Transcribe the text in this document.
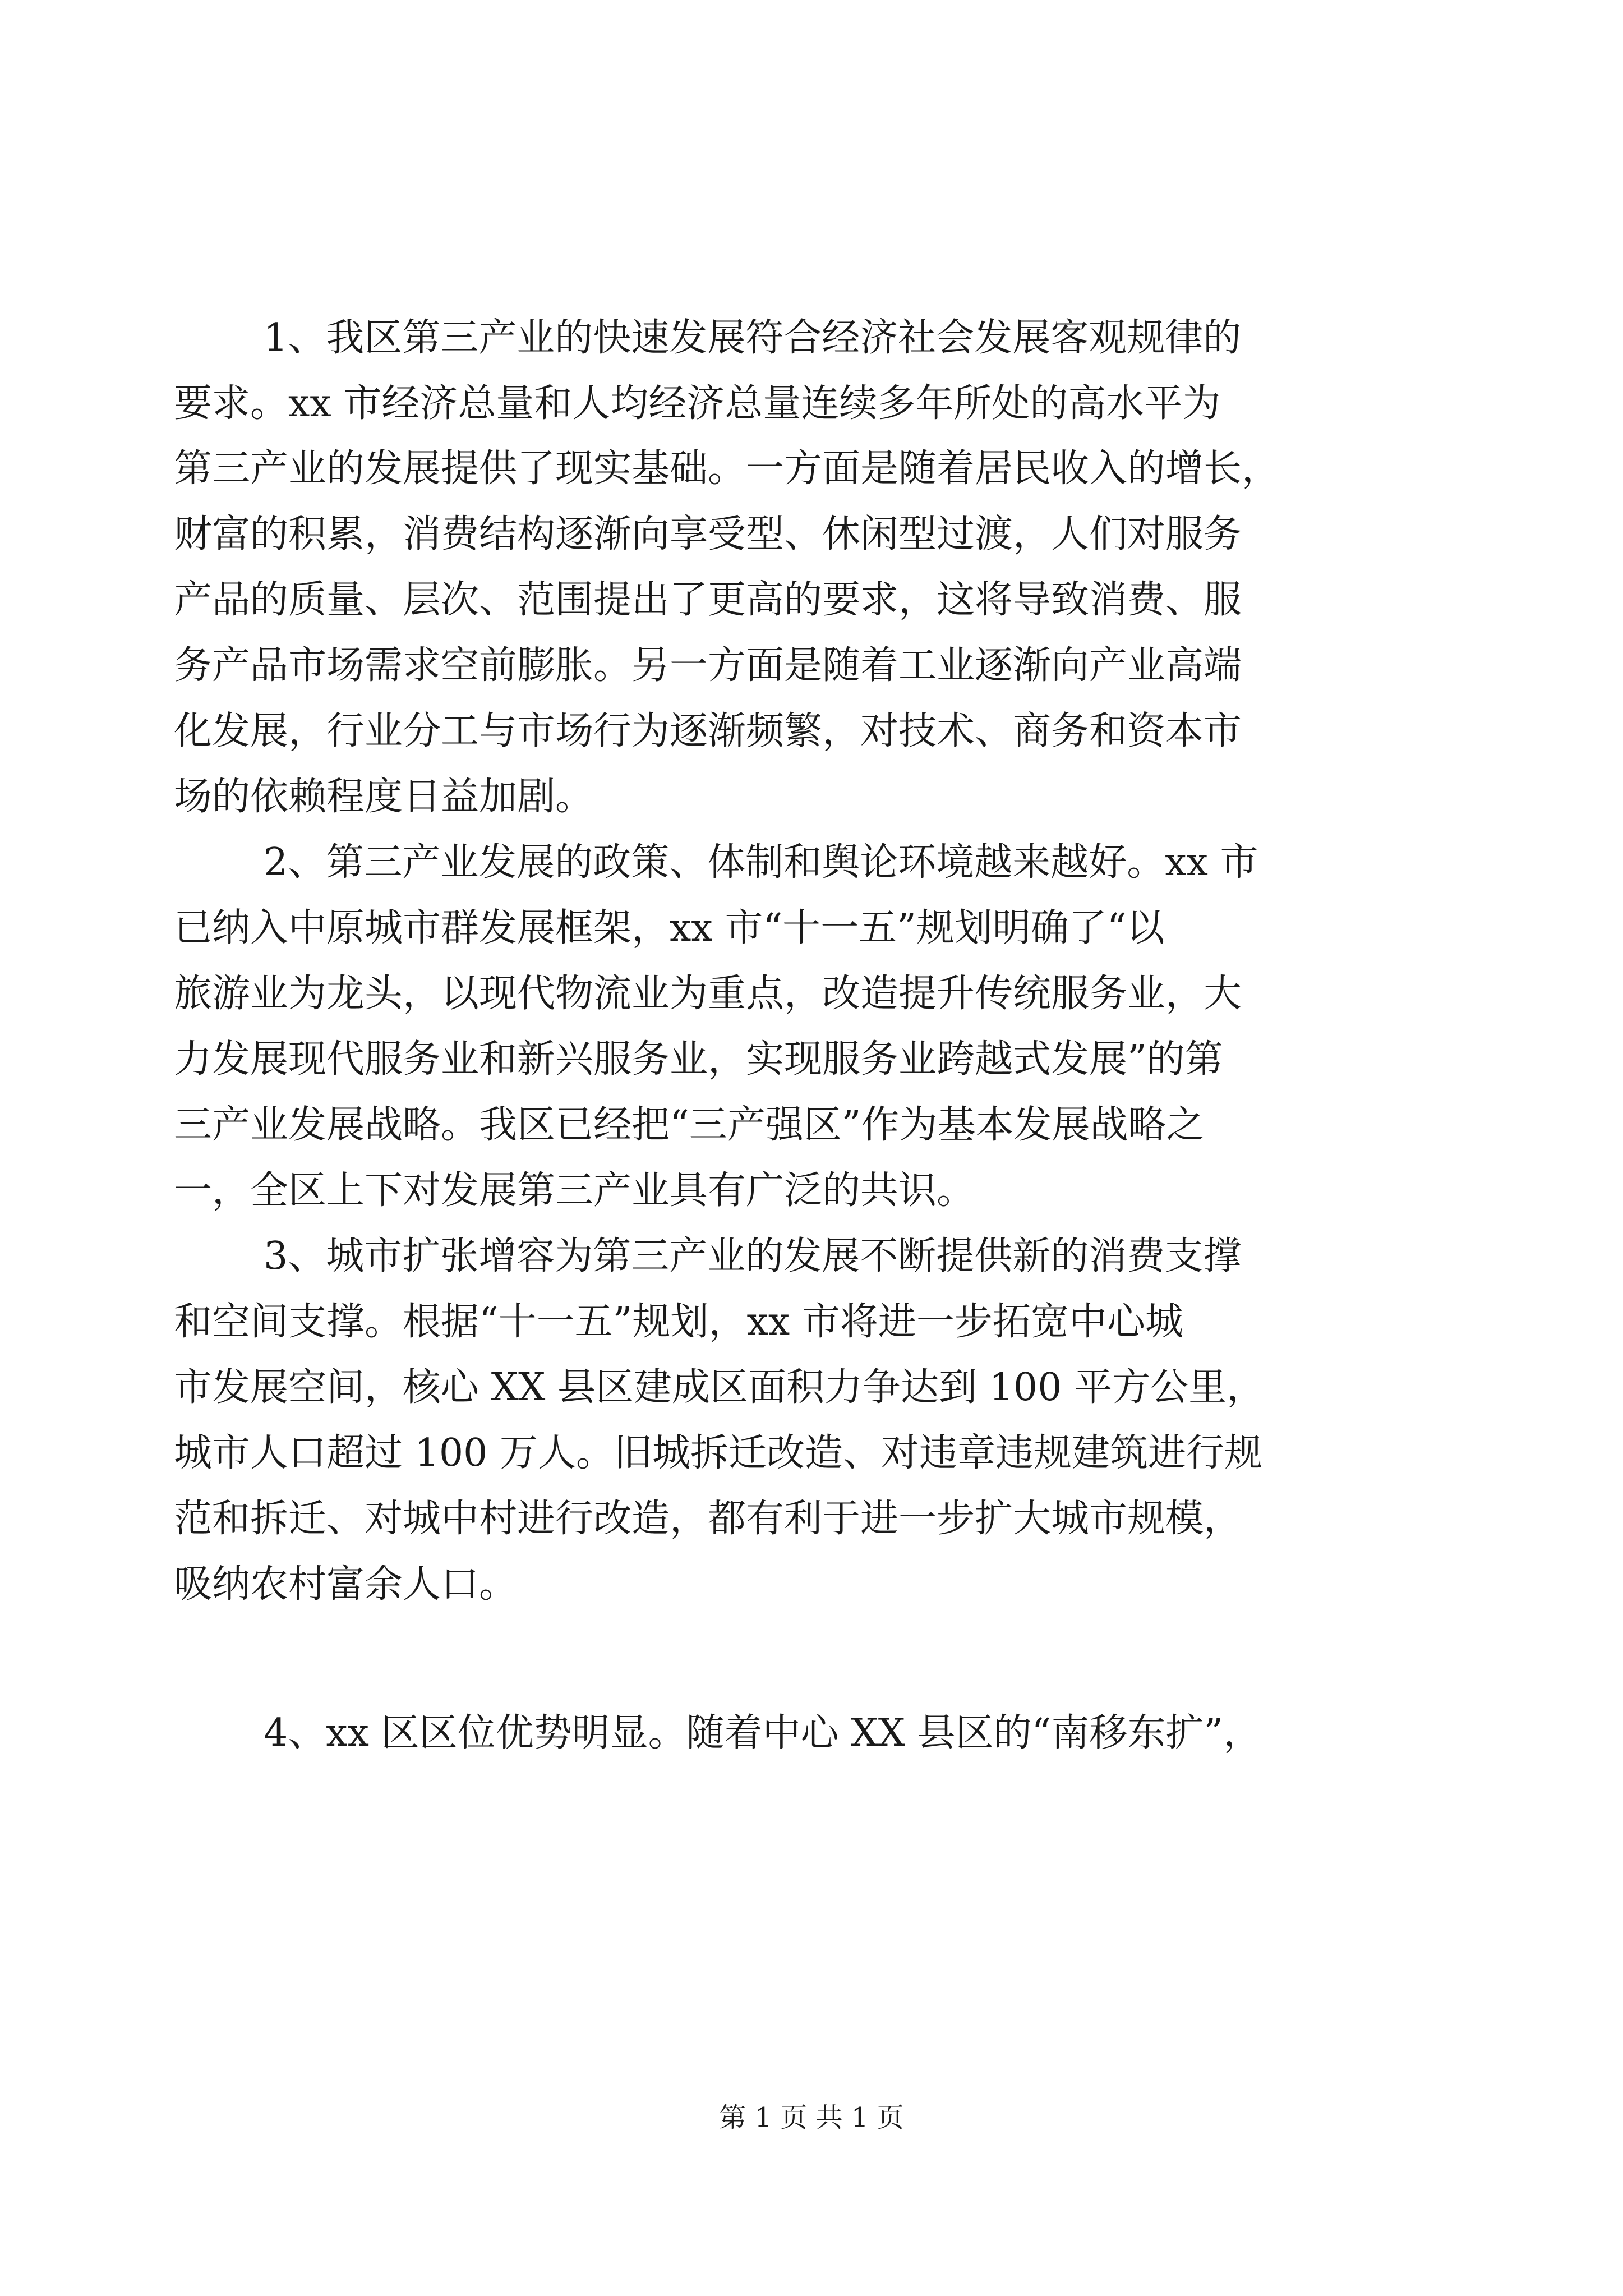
1、我区第三产业的快速发展符合经济社会发展客观规律的
要求。xx 市经济总量和人均经济总量连续多年所处的高水平为
第三产业的发展提供了现实基础。一方面是随着居民收入的增长，
财富的积累，消费结构逐渐向享受型、休闲型过渡，人们对服务
产品的质量、层次、范围提出了更高的要求，这将导致消费、服
务产品市场需求空前膨胀。另一方面是随着工业逐渐向产业高端
化发展，行业分工与市场行为逐渐频繁，对技术、商务和资本市
场的依赖程度日益加剧。
2、第三产业发展的政策、体制和舆论环境越来越好。xx 市
已纳入中原城市群发展框架，xx 市“十一五”规划明确了“以
旅游业为龙头，以现代物流业为重点，改造提升传统服务业，大
力发展现代服务业和新兴服务业，实现服务业跨越式发展”的第
三产业发展战略。我区已经把“三产强区”作为基本发展战略之
一，全区上下对发展第三产业具有广泛的共识。
3、城市扩张增容为第三产业的发展不断提供新的消费支撑
和空间支撑。根据“十一五”规划，xx 市将进一步拓宽中心城
市发展空间，核心 XX 县区建成区面积力争达到 100 平方公里，
城市人口超过 100 万人。旧城拆迁改造、对违章违规建筑进行规
范和拆迁、对城中村进行改造，都有利于进一步扩大城市规模，
吸纳农村富余人口。
4、xx 区区位优势明显。随着中心 XX 县区的“南移东扩”，
第 1 页 共 1 页
